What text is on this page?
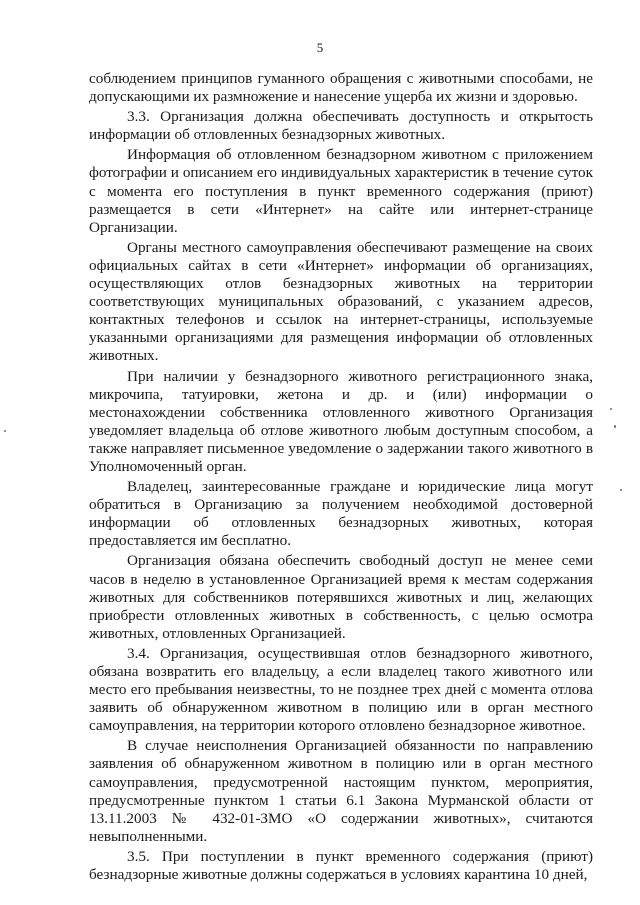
5

соблюдением принципов гуманного обращения с животными способами, не допускающими их размножение и нанесение ущерба их жизни и здоровью.

3.3. Организация должна обеспечивать доступность и открытость информации об отловленных безнадзорных животных.

Информация об отловленном безнадзорном животном с приложением фотографии и описанием его индивидуальных характеристик в течение суток с момента его поступления в пункт временного содержания (приют) размещается в сети «Интернет» на сайте или интернет-странице Организации.

Органы местного самоуправления обеспечивают размещение на своих официальных сайтах в сети «Интернет» информации об организациях, осуществляющих отлов безнадзорных животных на территории соответствующих муниципальных образований, с указанием адресов, контактных телефонов и ссылок на интернет-страницы, используемые указанными организациями для размещения информации об отловленных животных.

При наличии у безнадзорного животного регистрационного знака, микрочипа, татуировки, жетона и др. и (или) информации о местонахождении собственника отловленного животного Организация уведомляет владельца об отлове животного любым доступным способом, а также направляет письменное уведомление о задержании такого животного в Уполномоченный орган.

Владелец, заинтересованные граждане и юридические лица могут обратиться в Организацию за получением необходимой достоверной информации об отловленных безнадзорных животных, которая предоставляется им бесплатно.

Организация обязана обеспечить свободный доступ не менее семи часов в неделю в установленное Организацией время к местам содержания животных для собственников потерявшихся животных и лиц, желающих приобрести отловленных животных в собственность, с целью осмотра животных, отловленных Организацией.

3.4. Организация, осуществившая отлов безнадзорного животного, обязана возвратить его владельцу, а если владелец такого животного или место его пребывания неизвестны, то не позднее трех дней с момента отлова заявить об обнаруженном животном в полицию или в орган местного самоуправления, на территории которого отловлено безнадзорное животное.

В случае неисполнения Организацией обязанности по направлению заявления об обнаруженном животном в полицию или в орган местного самоуправления, предусмотренной настоящим пунктом, мероприятия, предусмотренные пунктом 1 статьи 6.1 Закона Мурманской области от 13.11.2003 № 432-01-ЗМО «О содержании животных», считаются невыполненными.

3.5. При поступлении в пункт временного содержания (приют) безнадзорные животные должны содержаться в условиях карантина 10 дней,
